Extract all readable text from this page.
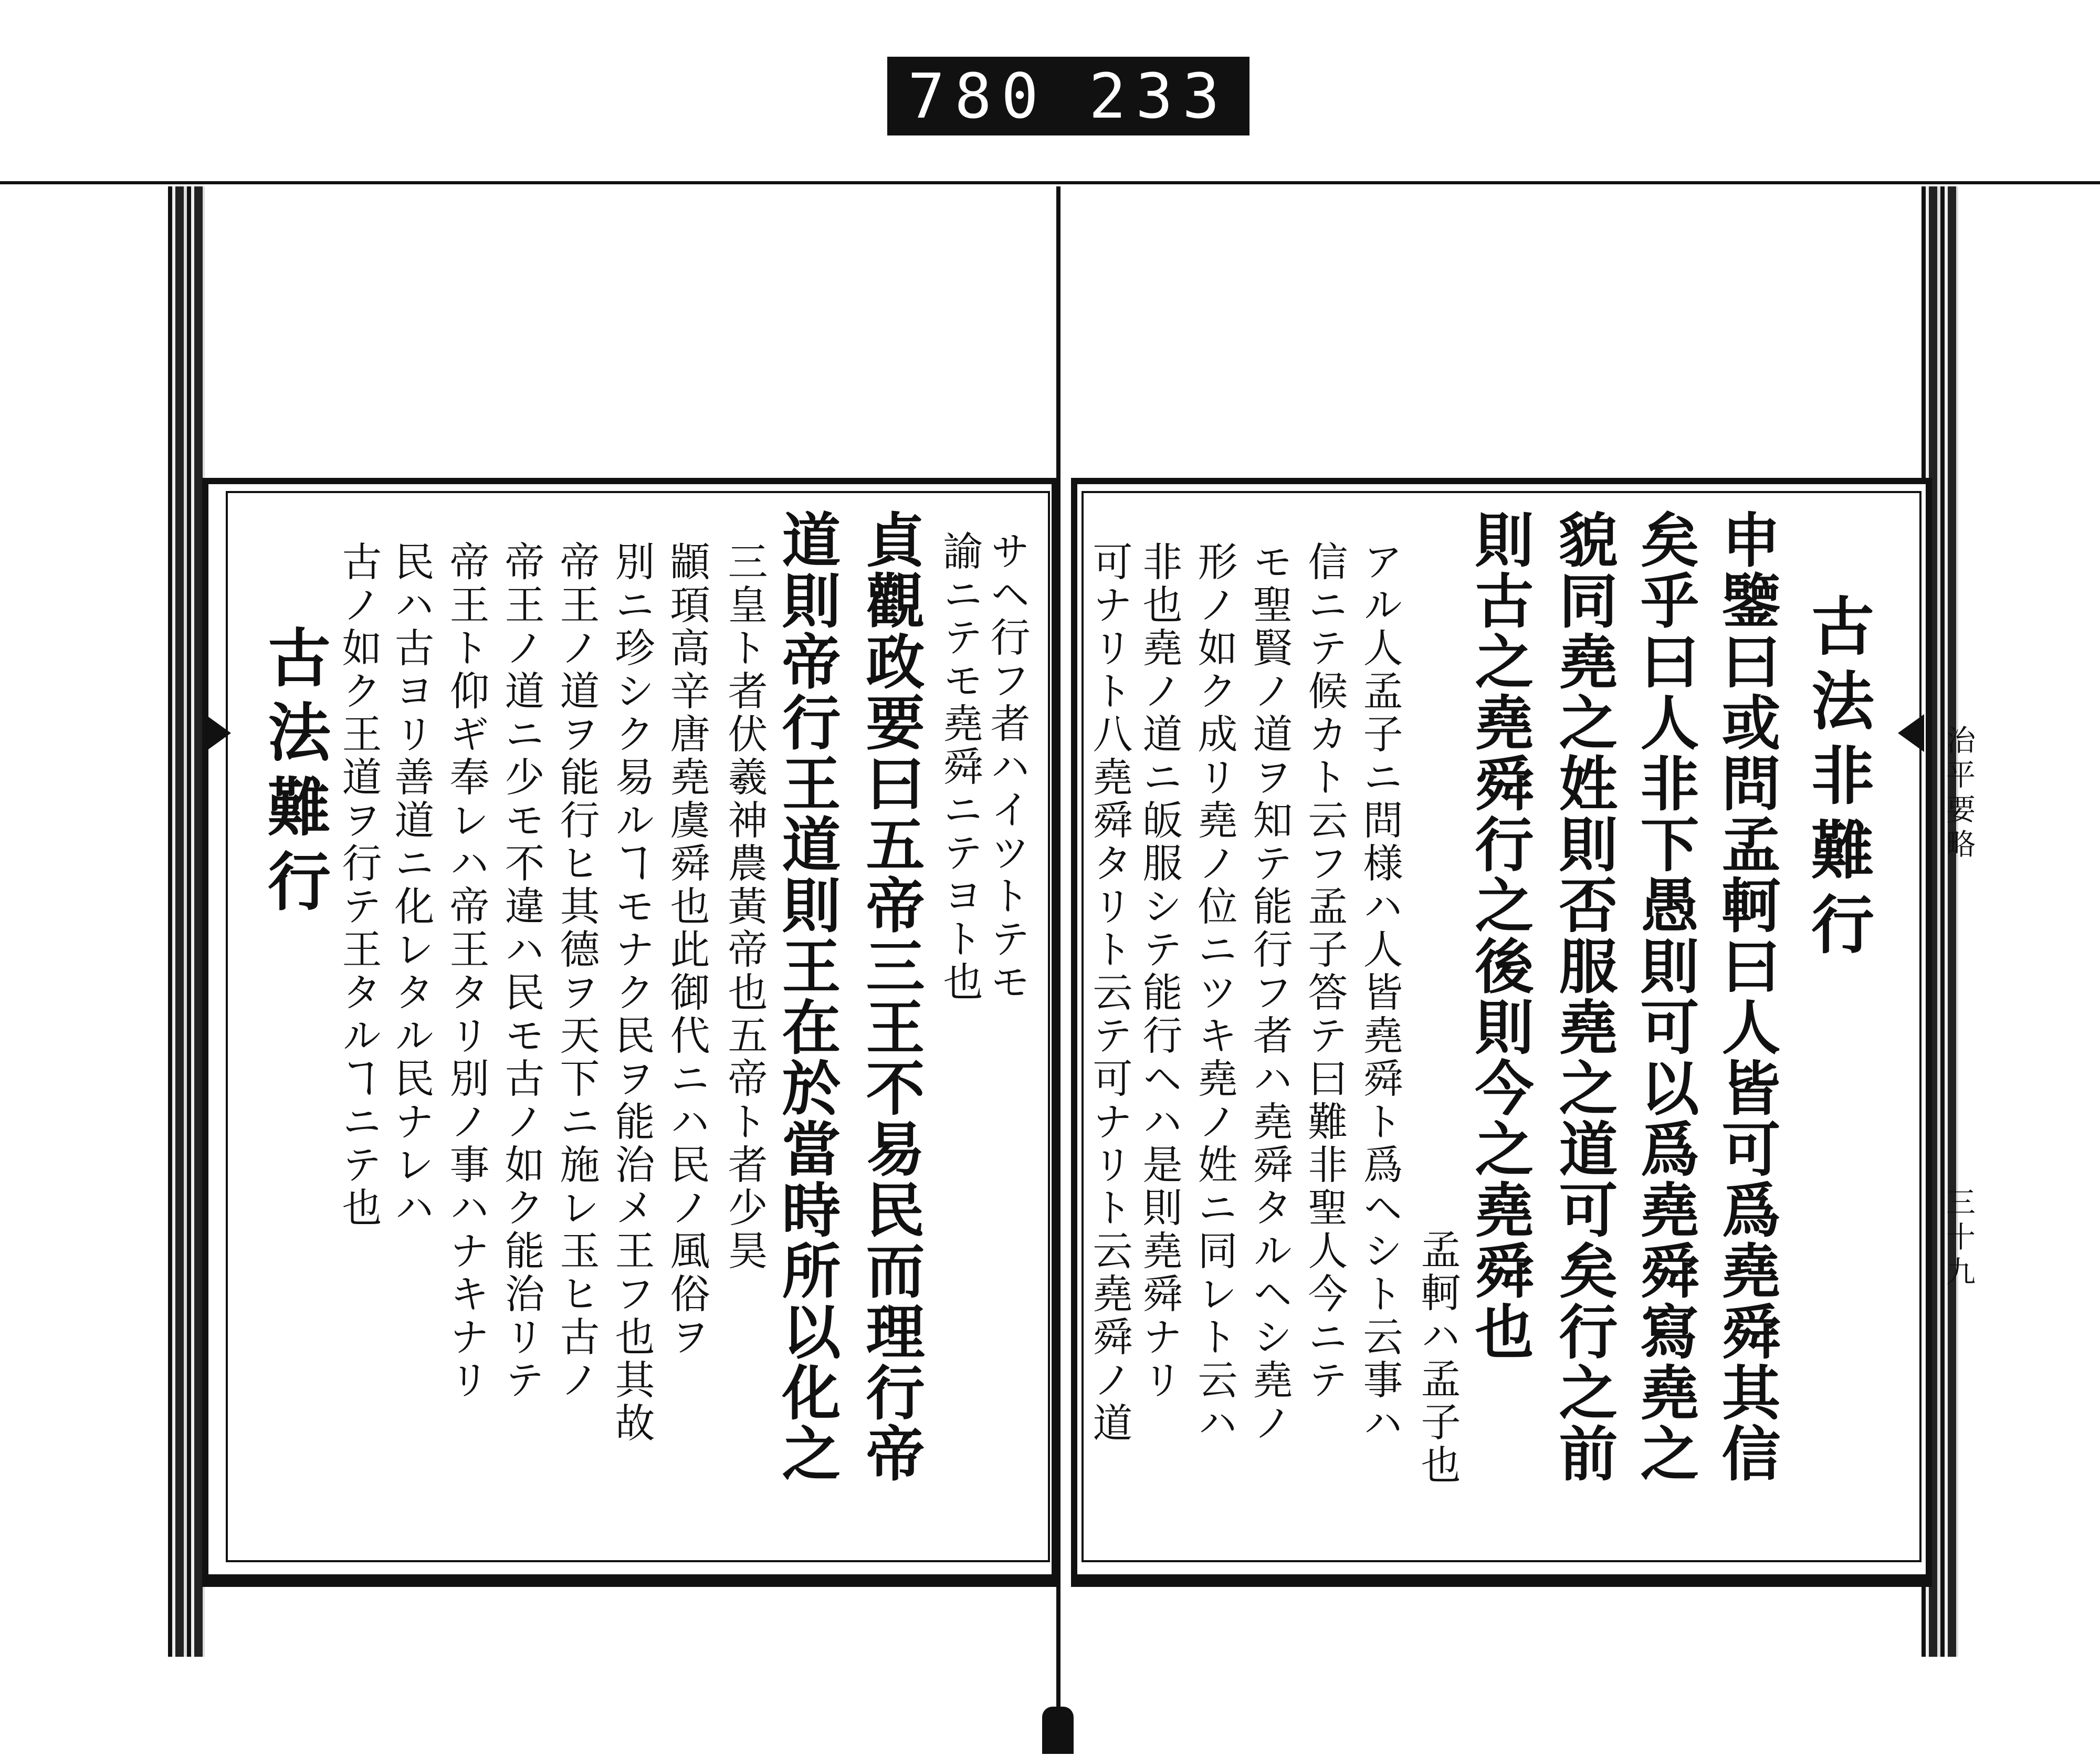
780 233
古法非難行
申鑒曰或問孟軻曰人皆可爲堯舜其信
矣乎曰人非下愚則可以爲堯舜寫堯之
貌同堯之姓則否服堯之道可矣行之前
則古之堯舜行之後則今之堯舜也
孟軻ハ孟子也
アル人孟子ニ問様ハ人皆堯舜ト爲ヘシト云事ハ
信ニテ候カト云フ孟子答テ曰難非聖人今ニテ
モ聖賢ノ道ヲ知テ能行フ者ハ堯舜タルヘシ堯ノ
形ノ如ク成リ堯ノ位ニツキ堯ノ姓ニ同レト云ハ
非也堯ノ道ニ皈服シテ能行ヘハ是則堯舜ナリ
可ナリト八堯舜タリト云テ可ナリト云堯舜ノ道	治平要略
三十九
サヘ行フ者ハイツトテモ
諭ニテモ堯舜ニテヨト也
貞觀政要曰五帝三王不易民而理行帝
道則帝行王道則王在於當時所以化之
三皇ト者伏羲神農黃帝也五帝ト者少昊
顓頊高辛唐堯虞舜也此御代ニハ民ノ風俗ヲ
別ニ珍シク易ルヿモナク民ヲ能治メ王フ也其故
帝王ノ道ヲ能行ヒ其德ヲ天下ニ施レ玉ヒ古ノ
帝王ノ道ニ少モ不違ハ民モ古ノ如ク能治リテ
帝王ト仰ギ奉レハ帝王タリ別ノ事ハナキナリ
民ハ古ヨリ善道ニ化レタル民ナレハ
古ノ如ク王道ヲ行テ王タルヿニテ也
古法難行
